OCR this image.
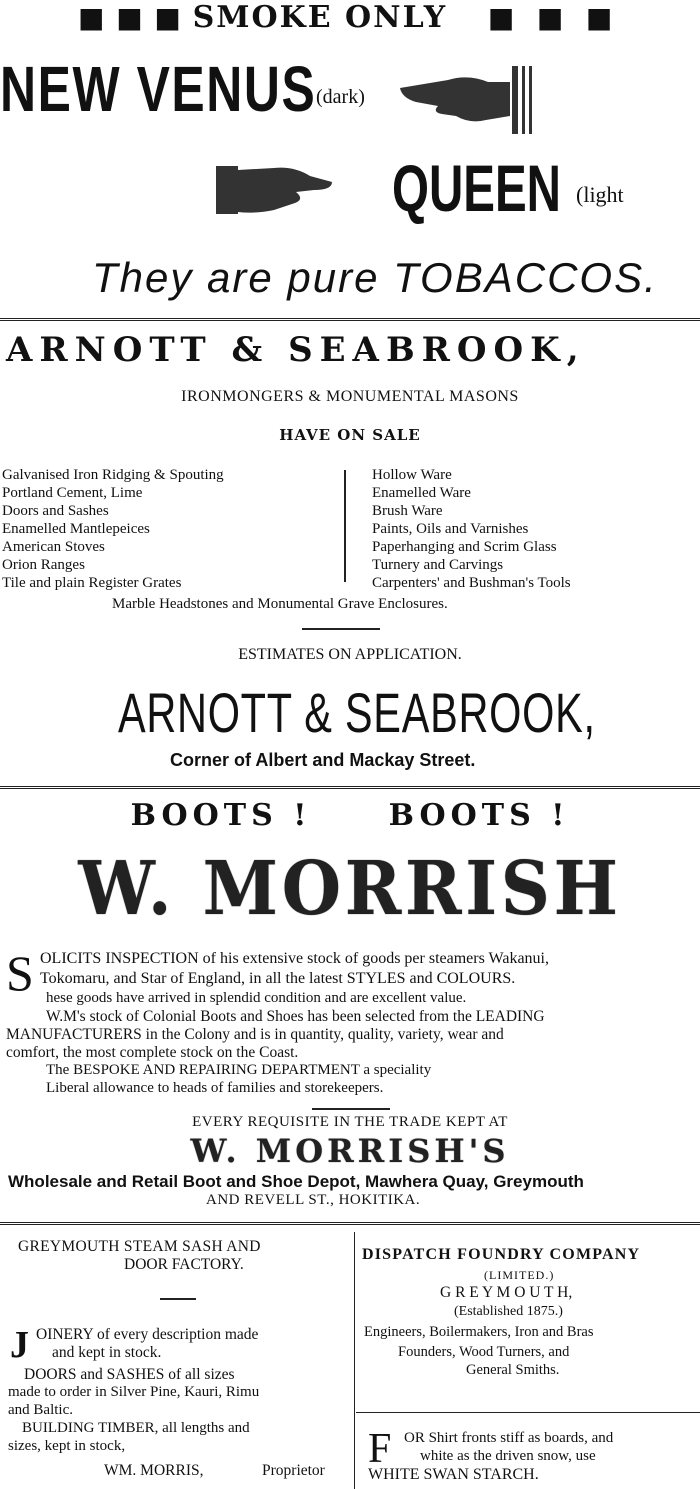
■ ■ ■ SMOKE ONLY ■  ■  ■
NEW VENUS (dark)
QUEEN (light
They are pure TOBACCOS.
ARNOTT & SEABROOK,
IRONMONGERS & MONUMENTAL MASONS
HAVE ON SALE

Galvanised Iron Ridging & Spouting

Portland Cement, Lime

Doors and Sashes

Enamelled Mantlepeices

American Stoves

Orion Ranges

Tile and plain Register Grates

Hollow Ware

Enamelled Ware

Brush Ware

Paints, Oils and Varnishes

Paperhanging and Scrim Glass

Turnery and Carvings

Carpenters' and Bushman's Tools

Marble Headstones and Monumental Grave Enclosures.
ESTIMATES ON APPLICATION.
ARNOTT & SEABROOK,
Corner of Albert and Mackay Street.
BOOTS !     BOOTS !
W. MORRISH
S OLICITS INSPECTION of his extensive stock of goods per steamers Wakanui,
Tokomaru, and Star of England, in all the latest STYLES and COLOURS.
hese goods have arrived in splendid condition and are excellent value.
W.M's stock of Colonial Boots and Shoes has been selected from the LEADING
MANUFACTURERS in the Colony and is in quantity, quality, variety, wear and
comfort, the most complete stock on the Coast.
The BESPOKE AND REPAIRING DEPARTMENT a speciality
Liberal allowance to heads of families and storekeepers.
EVERY REQUISITE IN THE TRADE KEPT AT
W. MORRISH'S
Wholesale and Retail Boot and Shoe Depot, Mawhera Quay, Greymouth
AND REVELL ST., HOKITIKA.
GREYMOUTH STEAM SASH AND
DOOR FACTORY.
J OINERY of every description made
and kept in stock.
DOORS and SASHES of all sizes
made to order in Silver Pine, Kauri, Rimu
and Baltic.
BUILDING TIMBER, all lengths and
sizes, kept in stock,
WM. MORRIS,	Proprietor
DISPATCH FOUNDRY COMPANY
(LIMITED.)
G R E Y M O U T H,
(Established 1875.)
Engineers, Boilermakers, Iron and Bras
Founders, Wood Turners, and
General Smiths.
F OR Shirt fronts stiff as boards, and
white as the driven snow, use
WHITE SWAN STARCH.
